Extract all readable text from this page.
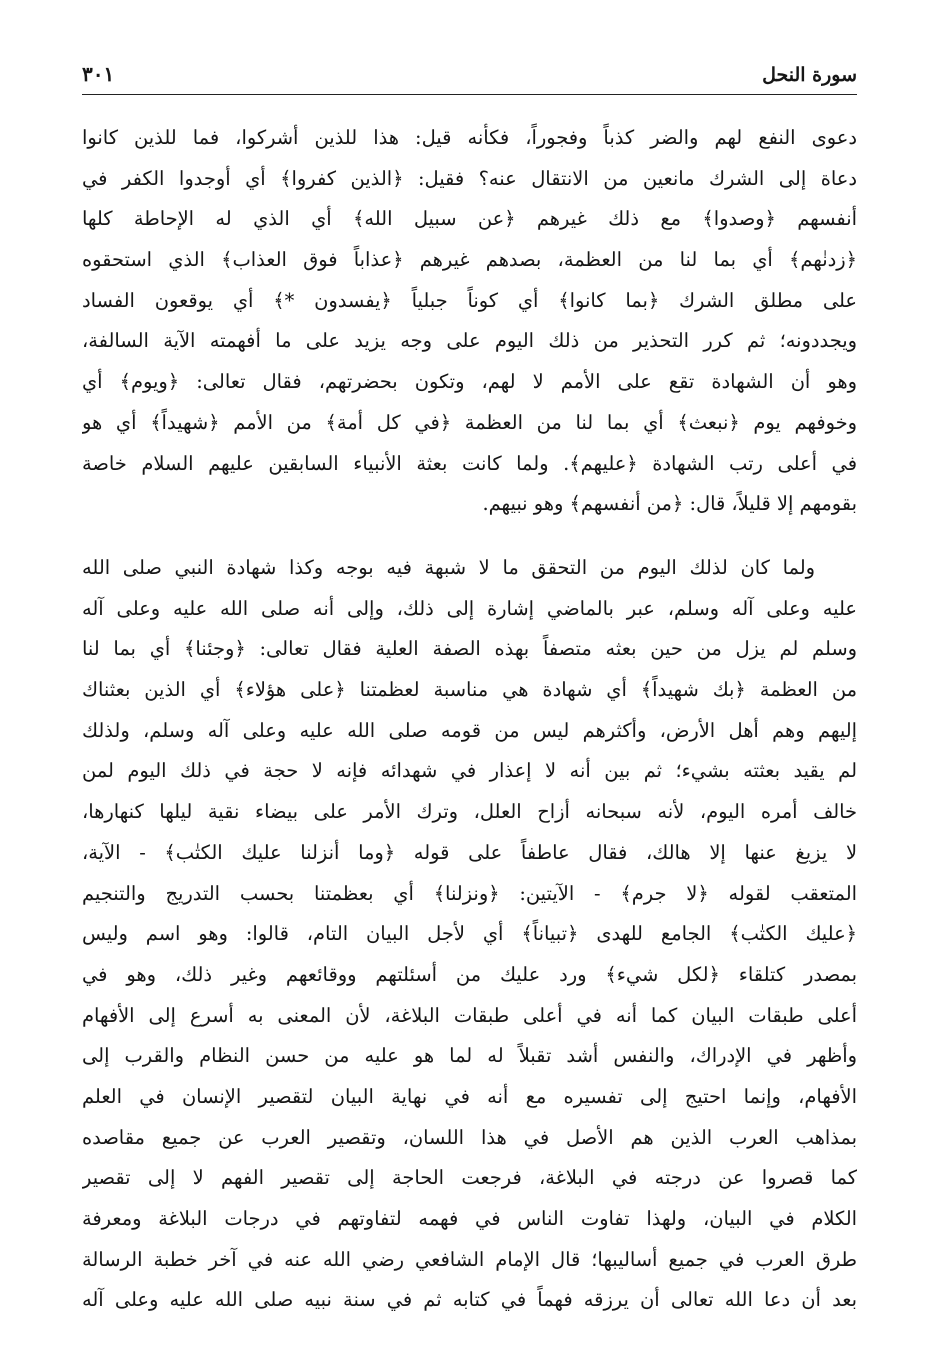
سورة النحل
٣٠١
دعوى النفع لهم والضر كذباً وفجوراً، فكأنه قيل: هذا للذين أشركوا، فما للذين كانوا
دعاة إلى الشرك مانعين من الانتقال عنه؟ فقيل: ﴿الذين كفروا﴾ أي أوجدوا الكفر في
أنفسهم ﴿وصدوا﴾ مع ذلك غيرهم ﴿عن سبيل الله﴾ أي الذي له الإحاطة كلها
﴿زدنٰهم﴾ أي بما لنا من العظمة، بصدهم غيرهم ﴿عذاباً فوق العذاب﴾ الذي استحقوه
على مطلق الشرك ﴿بما كانوا﴾ أي كوناً جبلياً ﴿يفسدون *﴾ أي يوقعون الفساد
ويجددونه؛ ثم كرر التحذير من ذلك اليوم على وجه يزيد على ما أفهمته الآية السالفة،
وهو أن الشهادة تقع على الأمم لا لهم، وتكون بحضرتهم، فقال تعالى: ﴿ويوم﴾ أي
وخوفهم يوم ﴿نبعث﴾ أي بما لنا من العظمة ﴿في كل أمة﴾ من الأمم ﴿شهيداً﴾ أي هو
في أعلى رتب الشهادة ﴿عليهم﴾. ولما كانت بعثة الأنبياء السابقين عليهم السلام خاصة
بقومهم إلا قليلاً، قال: ﴿من أنفسهم﴾ وهو نبيهم.
ولما كان لذلك اليوم من التحقق ما لا شبهة فيه بوجه وكذا شهادة النبي صلى الله
عليه وعلى آله وسلم، عبر بالماضي إشارة إلى ذلك، وإلى أنه صلى الله عليه وعلى آله
وسلم لم يزل من حين بعثه متصفاً بهذه الصفة العلية فقال تعالى: ﴿وجئنا﴾ أي بما لنا
من العظمة ﴿بك شهيداً﴾ أي شهادة هي مناسبة لعظمتنا ﴿على هؤلاء﴾ أي الذين بعثناك
إليهم وهم أهل الأرض، وأكثرهم ليس من قومه صلى الله عليه وعلى آله وسلم، ولذلك
لم يقيد بعثته بشيء؛ ثم بين أنه لا إعذار في شهدائه فإنه لا حجة في ذلك اليوم لمن
خالف أمره اليوم، لأنه سبحانه أزاح العلل، وترك الأمر على بيضاء نقية ليلها كنهارها،
لا يزيغ عنها إلا هالك، فقال عاطفاً على قوله ﴿وما أنزلنا عليك الكتٰب﴾ - الآية،
المتعقب لقوله ﴿لا جرم﴾ - الآيتين: ﴿ونزلنا﴾ أي بعظمتنا بحسب التدريج والتنجيم
﴿عليك الكتٰب﴾ الجامع للهدى ﴿تبياناً﴾ أي لأجل البيان التام، قالوا: وهو اسم وليس
بمصدر كتلقاء ﴿لكل شيء﴾ ورد عليك من أسئلتهم ووقائعهم وغير ذلك، وهو في
أعلى طبقات البيان كما أنه في أعلى طبقات البلاغة، لأن المعنى به أسرع إلى الأفهام
وأظهر في الإدراك، والنفس أشد تقبلاً له لما هو عليه من حسن النظام والقرب إلى
الأفهام، وإنما احتيج إلى تفسيره مع أنه في نهاية البيان لتقصير الإنسان في العلم
بمذاهب العرب الذين هم الأصل في هذا اللسان، وتقصير العرب عن جميع مقاصده
كما قصروا عن درجته في البلاغة، فرجعت الحاجة إلى تقصير الفهم لا إلى تقصير
الكلام في البيان، ولهذا تفاوت الناس في فهمه لتفاوتهم في درجات البلاغة ومعرفة
طرق العرب في جميع أساليبها؛ قال الإمام الشافعي رضي الله عنه في آخر خطبة الرسالة
بعد أن دعا الله تعالى أن يرزقه فهماً في كتابه ثم في سنة نبيه صلى الله عليه وعلى آله
